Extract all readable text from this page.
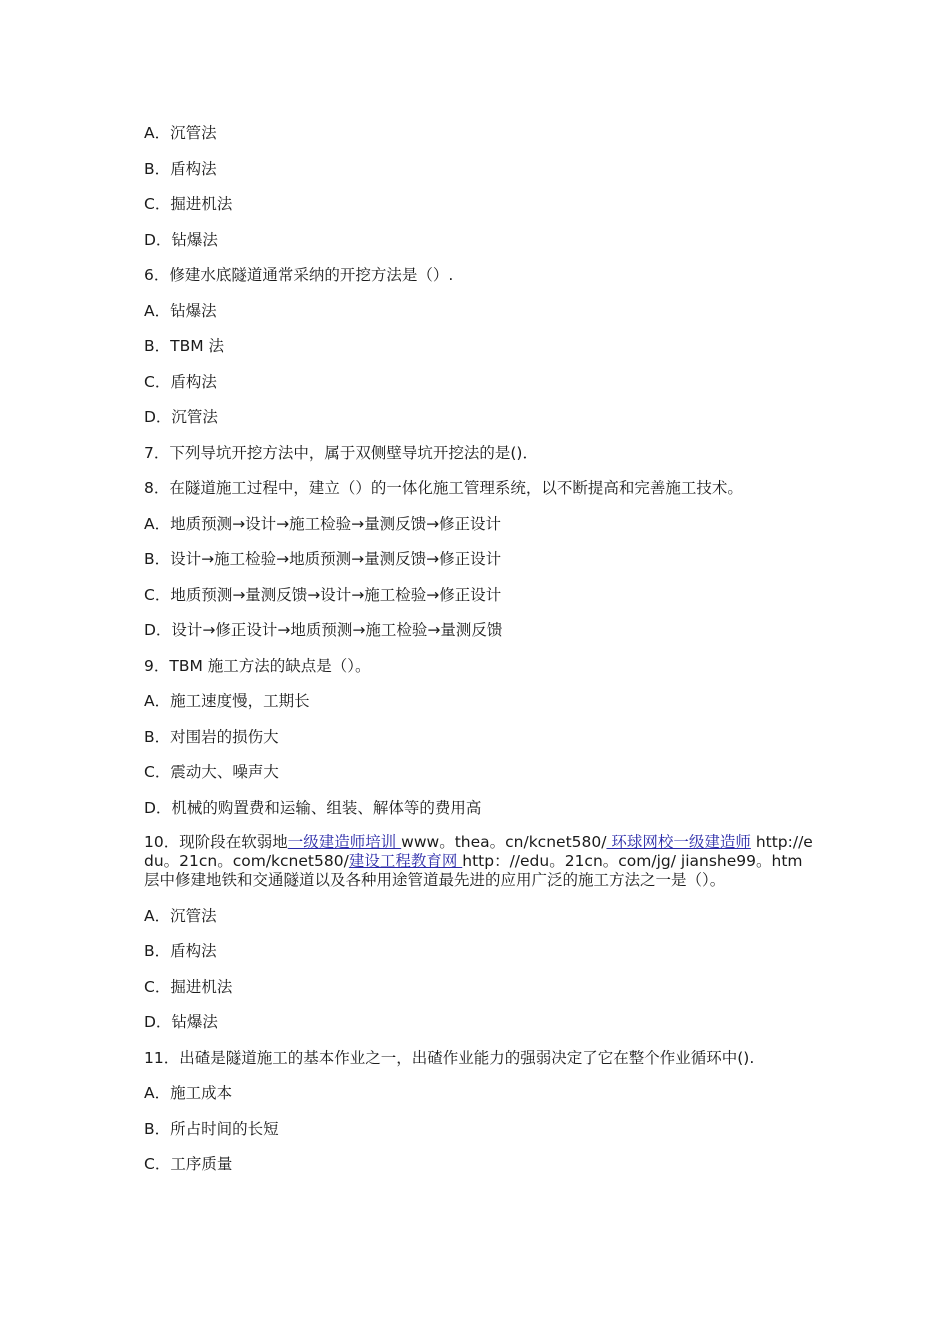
A．沉管法
B．盾构法
C．掘进机法
D．钻爆法
6．修建水底隧道通常采纳的开挖方法是（）.
A．钻爆法
B．TBM 法
C．盾构法
D．沉管法
7．下列导坑开挖方法中，属于双侧壁导坑开挖法的是()．
8．在隧道施工过程中，建立（）的一体化施工管理系统，以不断提高和完善施工技术。
A．地质预测→设计→施工检验→量测反馈→修正设计
B．设计→施工检验→地质预测→量测反馈→修正设计
C．地质预测→量测反馈→设计→施工检验→修正设计
D．设计→修正设计→地质预测→施工检验→量测反馈
9．TBM 施工方法的缺点是（）。
A．施工速度慢，工期长
B．对围岩的损伤大
C．震动大、噪声大
D．机械的购置费和运输、组装、解体等的费用高
10．现阶段在软弱地一级建造师培训 www。thea。cn/kcnet580/ 环球网校一级建造师 http://edu。21cn。com/kcnet580/建设工程教育网 http：//edu。21cn。com/jg/ jianshe99。htm 层中修建地铁和交通隧道以及各种用途管道最先进的应用广泛的施工方法之一是（）。
A．沉管法
B．盾构法
C．掘进机法
D．钻爆法
11．出碴是隧道施工的基本作业之一，出碴作业能力的强弱决定了它在整个作业循环中().
A．施工成本
B．所占时间的长短
C．工序质量
